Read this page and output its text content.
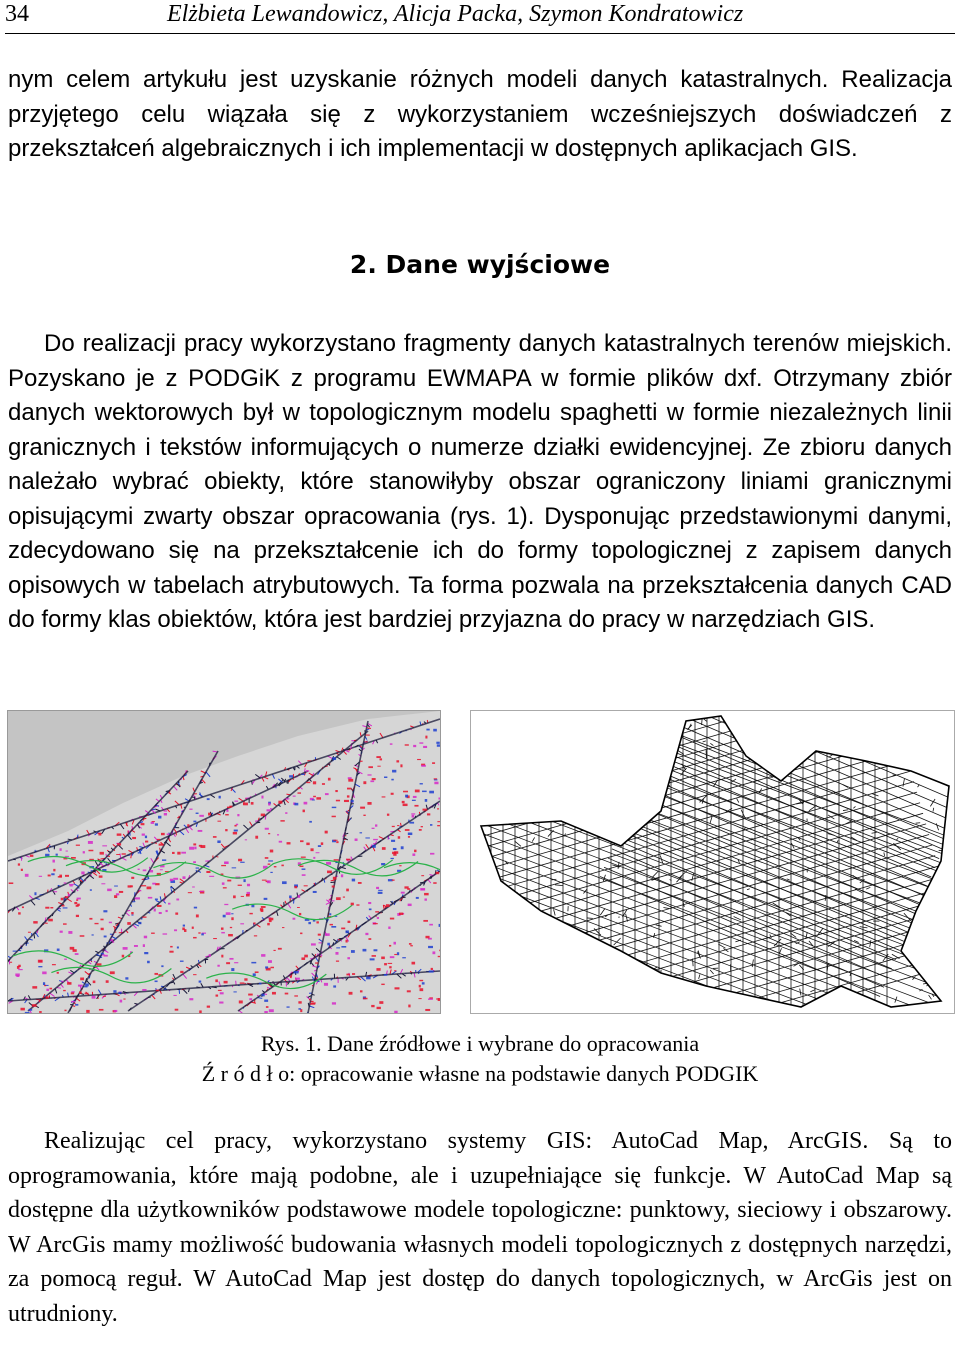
34	Elżbieta Lewandowicz, Alicja Packa, Szymon Kondratowicz

nym celem artykułu jest uzyskanie różnych modeli danych katastralnych. Realizacja przyjętego celu wiązała się z wykorzystaniem wcześniejszych doświadczeń z przekształceń algebraicznych i ich implementacji w dostępnych aplikacjach GIS.

2. Dane wyjściowe

Do realizacji pracy wykorzystano fragmenty danych katastralnych terenów miejskich. Pozyskano je z PODGiK z programu EWMAPA w formie plików dxf. Otrzymany zbiór danych wektorowych był w topologicznym modelu spaghetti w formie niezależnych linii granicznych i tekstów informujących o numerze działki ewidencyjnej. Ze zbioru danych należało wybrać obiekty, które stanowiłyby obszar ograniczony liniami granicznymi opisującymi zwarty obszar opracowania (rys. 1). Dysponując przedstawionymi danymi, zdecydowano się na przekształcenie ich do formy topologicznej z zapisem danych opisowych w tabelach atrybutowych. Ta forma pozwala na przekształcenia danych CAD do formy klas obiektów, która jest bardziej przyjazna do pracy w narzędziach GIS.

Rys. 1. Dane źródłowe i wybrane do opracowania

Ź r ó d ł o: opracowanie własne na podstawie danych PODGIK

Realizując cel pracy, wykorzystano systemy GIS: AutoCad Map, ArcGIS. Są to oprogramowania, które mają podobne, ale i uzupełniające się funkcje. W AutoCad Map są dostępne dla użytkowników podstawowe modele topologiczne: punktowy, sieciowy i obszarowy. W ArcGis mamy możliwość budowania własnych modeli topologicznych z dostępnych narzędzi, za pomocą reguł. W AutoCad Map jest dostęp do danych topologicznych, w ArcGis jest on utrudniony.
